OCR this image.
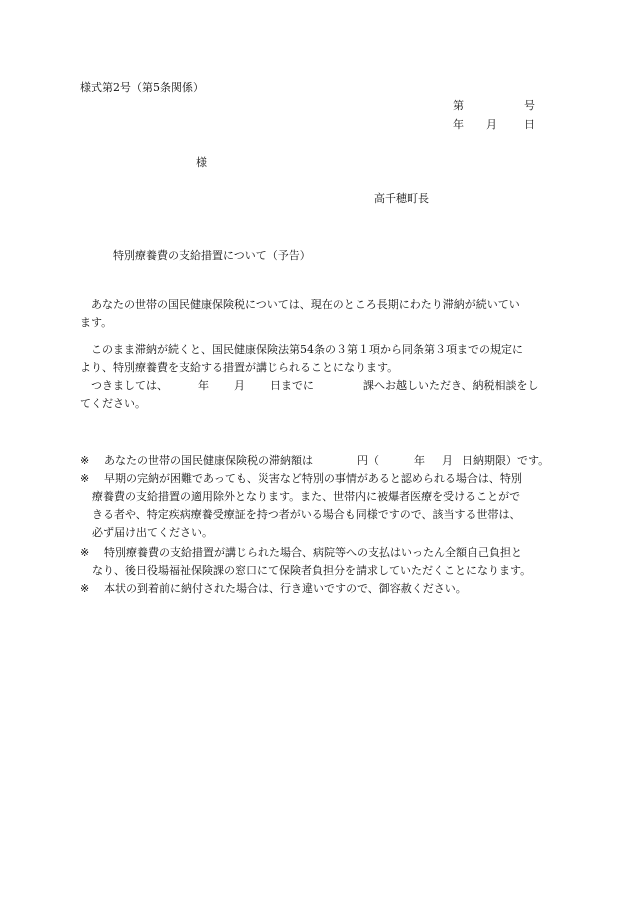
様式第2号（第5条関係）
第	号
年 月 日
様
高千穂町長
特別療養費の支給措置について（予告）
　あなたの世帯の国民健康保険税については、現在のところ長期にわたり滞納が続いてい
ます。
　このまま滞納が続くと、国民健康保険法第54条の３第１項から同条第３項までの規定に
より、特別療養費を支給する措置が講じられることになります。
　つきましては、	年 月 日までに	課へお越しいただき、納税相談をし
てください。
※ あなたの世帯の国民健康保険税の滞納額は	円（	年 月 日納期限）です。
※ 早期の完納が困難であっても、災害など特別の事情があると認められる場合は、特別
療養費の支給措置の適用除外となります。また、世帯内に被爆者医療を受けることがで
きる者や、特定疾病療養受療証を持つ者がいる場合も同様ですので、該当する世帯は、
必ず届け出てください。
※ 特別療養費の支給措置が講じられた場合、病院等への支払はいったん全額自己負担と
なり、後日役場福祉保険課の窓口にて保険者負担分を請求していただくことになります。
※ 本状の到着前に納付された場合は、行き違いですので、御容赦ください。
